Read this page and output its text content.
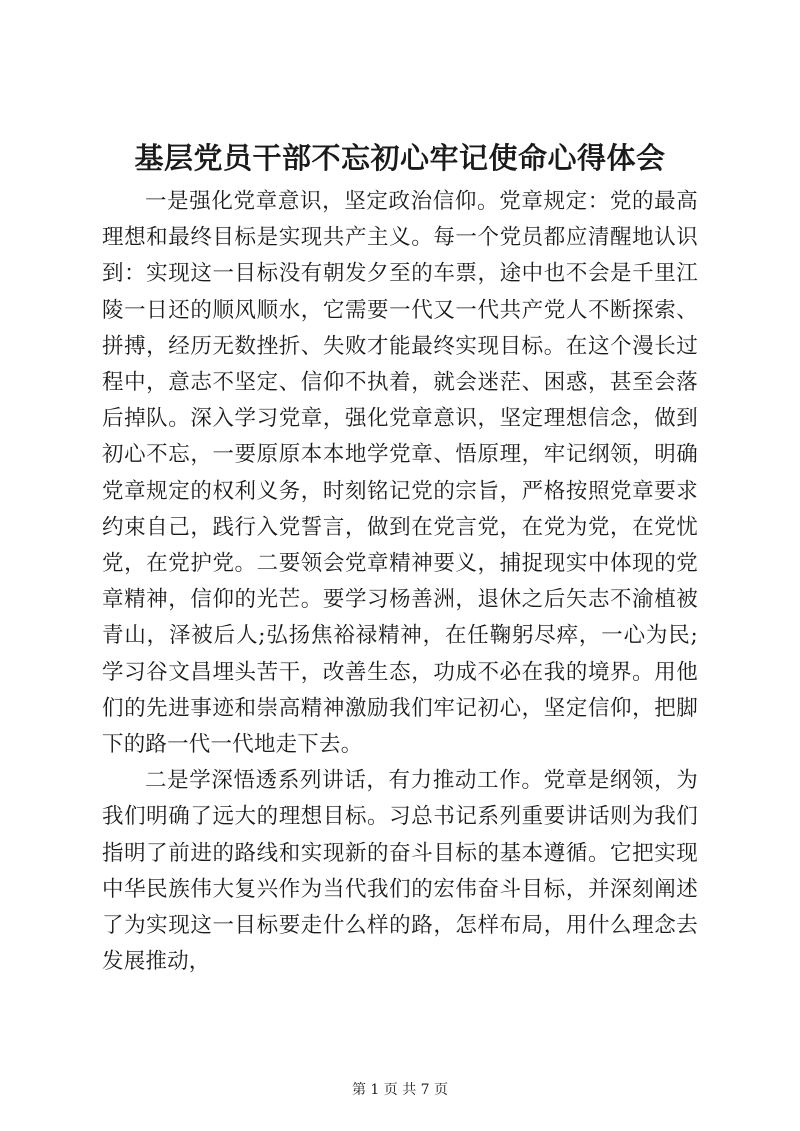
基层党员干部不忘初心牢记使命心得体会

一是强化党章意识，坚定政治信仰。党章规定：党的最高理想和最终目标是实现共产主义。每一个党员都应清醒地认识到：实现这一目标没有朝发夕至的车票，途中也不会是千里江陵一日还的顺风顺水，它需要一代又一代共产党人不断探索、拼搏，经历无数挫折、失败才能最终实现目标。在这个漫长过程中，意志不坚定、信仰不执着，就会迷茫、困惑，甚至会落后掉队。深入学习党章，强化党章意识，坚定理想信念，做到初心不忘，一要原原本本地学党章、悟原理，牢记纲领，明确党章规定的权利义务，时刻铭记党的宗旨，严格按照党章要求约束自己，践行入党誓言，做到在党言党，在党为党，在党忧党，在党护党。二要领会党章精神要义，捕捉现实中体现的党章精神，信仰的光芒。要学习杨善洲，退休之后矢志不渝植被青山，泽被后人;弘扬焦裕禄精神，在任鞠躬尽瘁，一心为民;学习谷文昌埋头苦干，改善生态，功成不必在我的境界。用他们的先进事迹和崇高精神激励我们牢记初心，坚定信仰，把脚下的路一代一代地走下去。

二是学深悟透系列讲话，有力推动工作。党章是纲领，为我们明确了远大的理想目标。习总书记系列重要讲话则为我们指明了前进的路线和实现新的奋斗目标的基本遵循。它把实现中华民族伟大复兴作为当代我们的宏伟奋斗目标，并深刻阐述了为实现这一目标要走什么样的路，怎样布局，用什么理念去发展推动，

第 1 页 共 7 页
